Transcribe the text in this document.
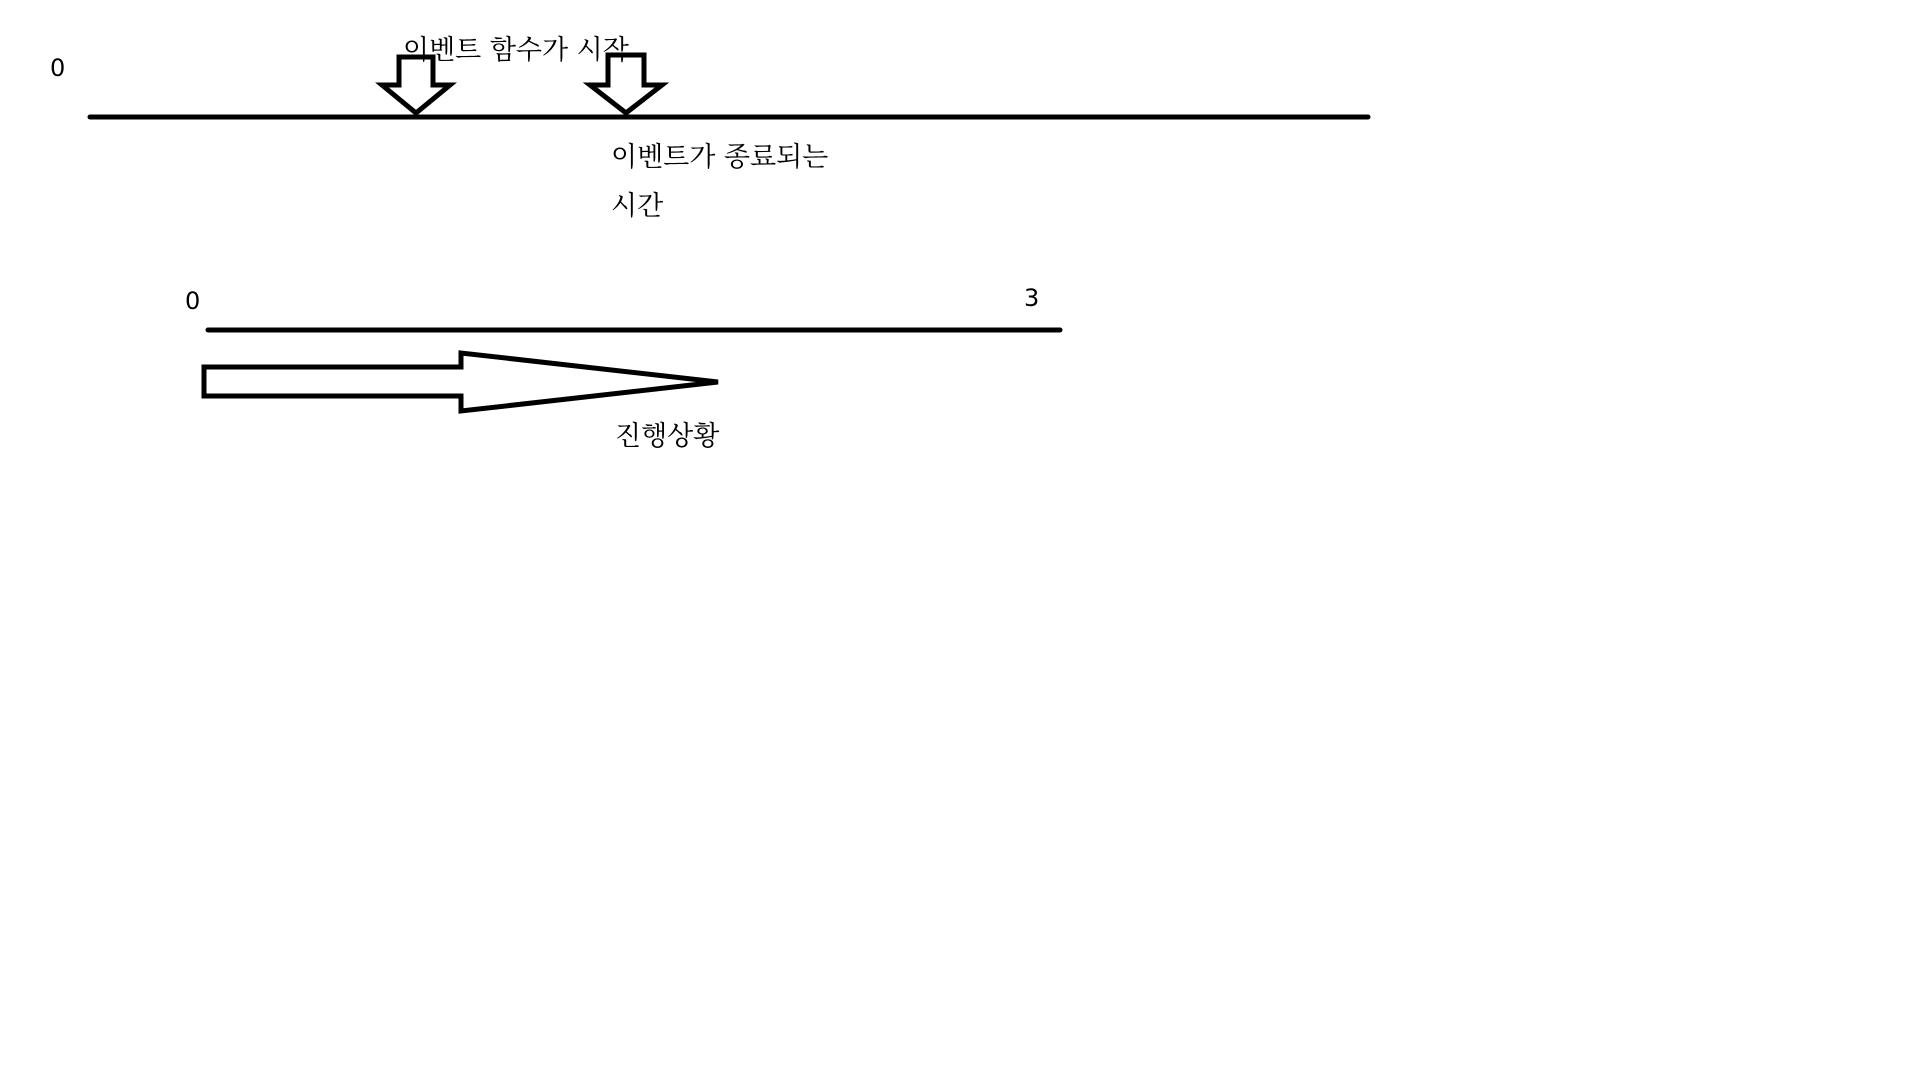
0
이벤트 함수가 시작
이벤트가 종료되는
시간
0	3
진행상황
